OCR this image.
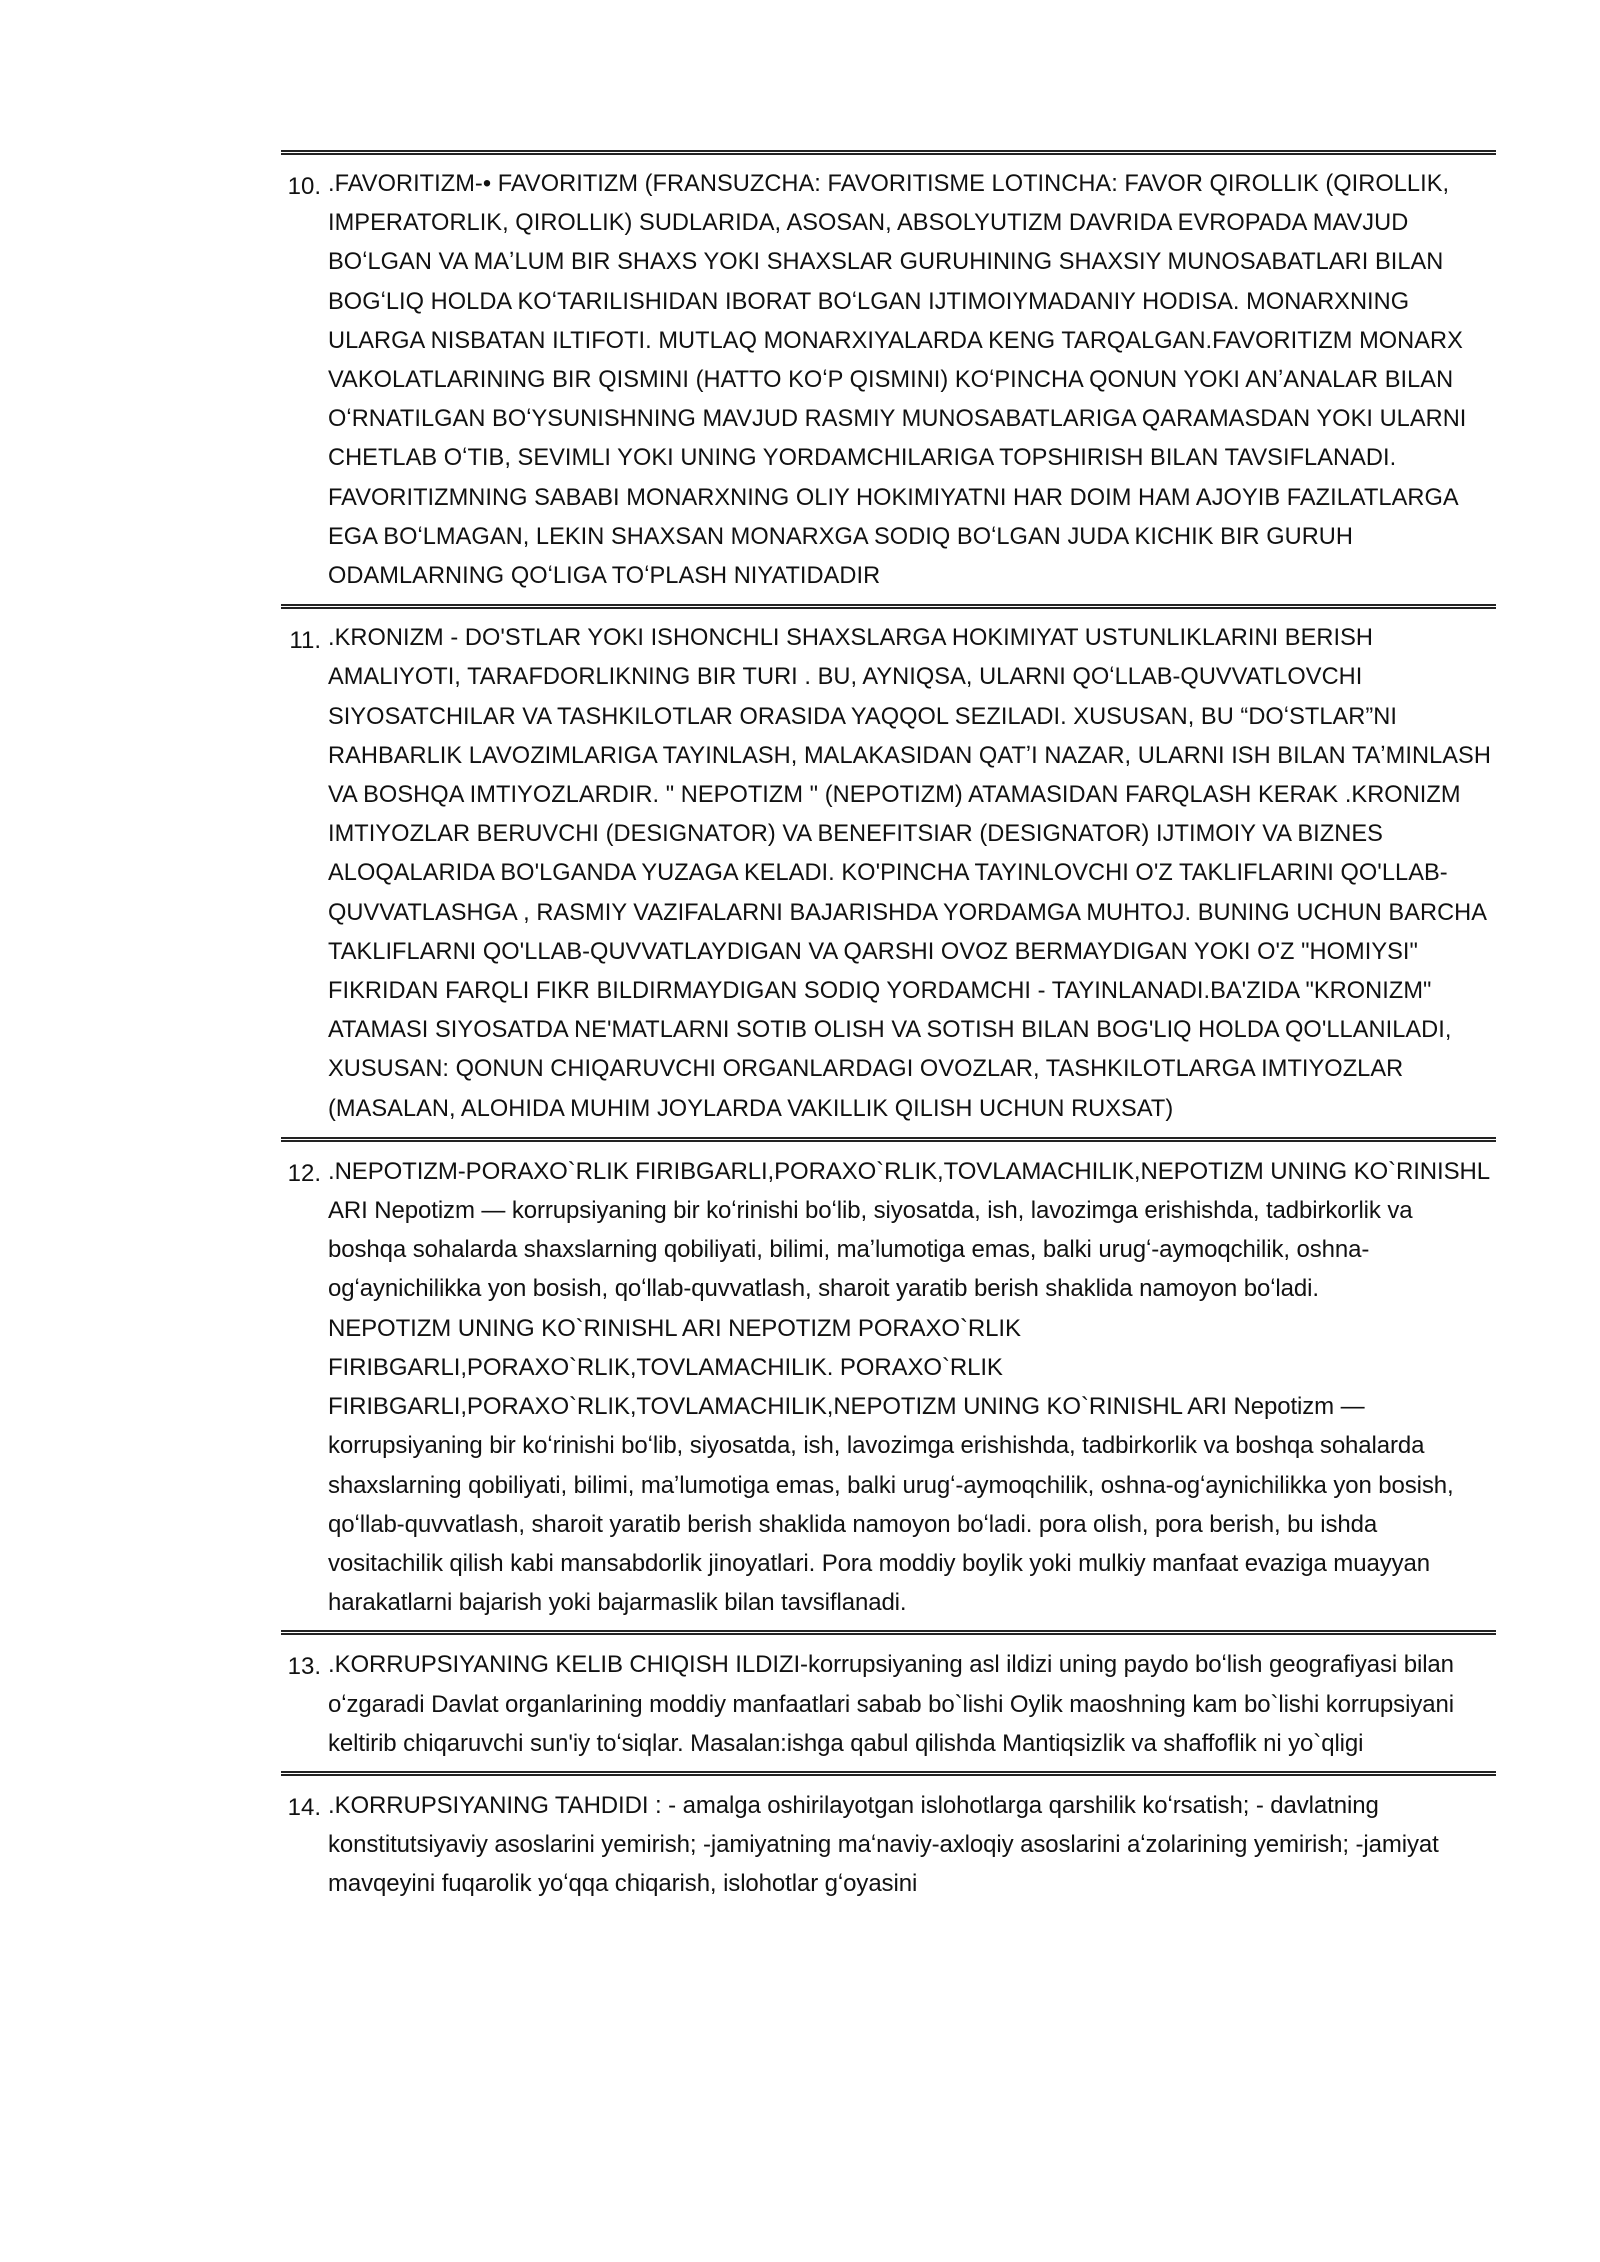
10. .FAVORITIZM-• FAVORITIZM (FRANSUZCHA: FAVORITISME LOTINCHA: FAVOR QIROLLIK (QIROLLIK, IMPERATORLIK, QIROLLIK) SUDLARIDA, ASOSAN, ABSOLYUTIZM DAVRIDA EVROPADA MAVJUD BOʻLGAN VA MAʼLUM BIR SHAXS YOKI SHAXSLAR GURUHINING SHAXSIY MUNOSABATLARI BILAN BOGʻLIQ HOLDA KOʻTARILISHIDAN IBORAT BOʻLGAN IJTIMOIYMADANIY HODISA. MONARXNING ULARGA NISBATAN ILTIFOTI. MUTLAQ MONARXIYALARDA KENG TARQALGAN.FAVORITIZM MONARX VAKOLATLARINING BIR QISMINI (HATTO KOʻP QISMINI) KOʻPINCHA QONUN YOKI ANʼANALAR BILAN OʻRNATILGAN BOʻYSUNISHNING MAVJUD RASMIY MUNOSABATLARIGA QARAMASDAN YOKI ULARNI CHETLAB OʻTIB, SEVIMLI YOKI UNING YORDAMCHILARIGA TOPSHIRISH BILAN TAVSIFLANADI. FAVORITIZMNING SABABI MONARXNING OLIY HOKIMIYATNI HAR DOIM HAM AJOYIB FAZILATLARGA EGA BOʻLMAGAN, LEKIN SHAXSAN MONARXGA SODIQ BOʻLGAN JUDA KICHIK BIR GURUH ODAMLARNING QOʻLIGA TOʻPLASH NIYATIDADIR

11. .KRONIZM - DO'STLAR YOKI ISHONCHLI SHAXSLARGA HOKIMIYAT USTUNLIKLARINI BERISH AMALIYOTI, TARAFDORLIKNING BIR TURI . BU, AYNIQSA, ULARNI QOʻLLAB-QUVVATLOVCHI SIYOSATCHILAR VA TASHKILOTLAR ORASIDA YAQQOL SEZILADI. XUSUSAN, BU “DOʻSTLAR”NI RAHBARLIK LAVOZIMLARIGA TAYINLASH, MALAKASIDAN QATʼI NAZAR, ULARNI ISH BILAN TAʼMINLASH VA BOSHQA IMTIYOZLARDIR. " NEPOTIZM " (NEPOTIZM) ATAMASIDAN FARQLASH KERAK .KRONIZM IMTIYOZLAR BERUVCHI (DESIGNATOR) VA BENEFITSIAR (DESIGNATOR) IJTIMOIY VA BIZNES ALOQALARIDA BO'LGANDA YUZAGA KELADI. KO'PINCHA TAYINLOVCHI O'Z TAKLIFLARINI QO'LLAB-QUVVATLASHGA , RASMIY VAZIFALARNI BAJARISHDA YORDAMGA MUHTOJ. BUNING UCHUN BARCHA TAKLIFLARNI QO'LLAB-QUVVATLAYDIGAN VA QARSHI OVOZ BERMAYDIGAN YOKI O'Z "HOMIYSI" FIKRIDAN FARQLI FIKR BILDIRMAYDIGAN SODIQ YORDAMCHI - TAYINLANADI.BA'ZIDA "KRONIZM" ATAMASI SIYOSATDA NE'MATLARNI SOTIB OLISH VA SOTISH BILAN BOG'LIQ HOLDA QO'LLANILADI, XUSUSAN: QONUN CHIQARUVCHI ORGANLARDAGI OVOZLAR, TASHKILOTLARGA IMTIYOZLAR (MASALAN, ALOHIDA MUHIM JOYLARDA VAKILLIK QILISH UCHUN RUXSAT)

12. .NEPOTIZM-PORAXO`RLIK FIRIBGARLI,PORAXO`RLIK,TOVLAMACHILIK,NEPOTIZM UNING KO`RINISHL ARI Nepotizm — korrupsiyaning bir koʻrinishi boʻlib, siyosatda, ish, lavozimga erishishda, tadbirkorlik va boshqa sohalarda shaxslarning qobiliyati, bilimi, maʼlumotiga emas, balki urugʻ-aymoqchilik, oshna-ogʻaynichilikka yon bosish, qoʻllab-quvvatlash, sharoit yaratib berish shaklida namoyon boʻladi.

NEPOTIZM UNING KO`RINISHL ARI NEPOTIZM PORAXO`RLIK FIRIBGARLI,PORAXO`RLIK,TOVLAMACHILIK. PORAXO`RLIK FIRIBGARLI,PORAXO`RLIK,TOVLAMACHILIK,NEPOTIZM UNING KO`RINISHL ARI Nepotizm — korrupsiyaning bir koʻrinishi boʻlib, siyosatda, ish, lavozimga erishishda, tadbirkorlik va boshqa sohalarda shaxslarning qobiliyati, bilimi, maʼlumotiga emas, balki urugʻ-aymoqchilik, oshna-ogʻaynichilikka yon bosish, qoʻllab-quvvatlash, sharoit yaratib berish shaklida namoyon boʻladi. pora olish, pora berish, bu ishda vositachilik qilish kabi mansabdorlik jinoyatlari. Pora moddiy boylik yoki mulkiy manfaat evaziga muayyan harakatlarni bajarish yoki bajarmaslik bilan tavsiflanadi.

13. .KORRUPSIYANING KELIB CHIQISH ILDIZI-korrupsiyaning asl ildizi uning paydo boʻlish geografiyasi bilan oʻzgaradi Davlat organlarining moddiy manfaatlari sabab bo`lishi Oylik maoshning kam bo`lishi korrupsiyani keltirib chiqaruvchi sun'iy toʻsiqlar. Masalan:ishga qabul qilishda Mantiqsizlik va shaffoflik ni yo`qligi

14. .KORRUPSIYANING TAHDIDI : - amalga oshirilayotgan islohotlarga qarshilik koʻrsatish; - davlatning konstitutsiyaviy asoslarini yemirish; -jamiyatning maʻnaviy-axloqiy asoslarini aʻzolarining yemirish; -jamiyat mavqeyini fuqarolik yoʻqqa chiqarish, islohotlar gʻoyasini
